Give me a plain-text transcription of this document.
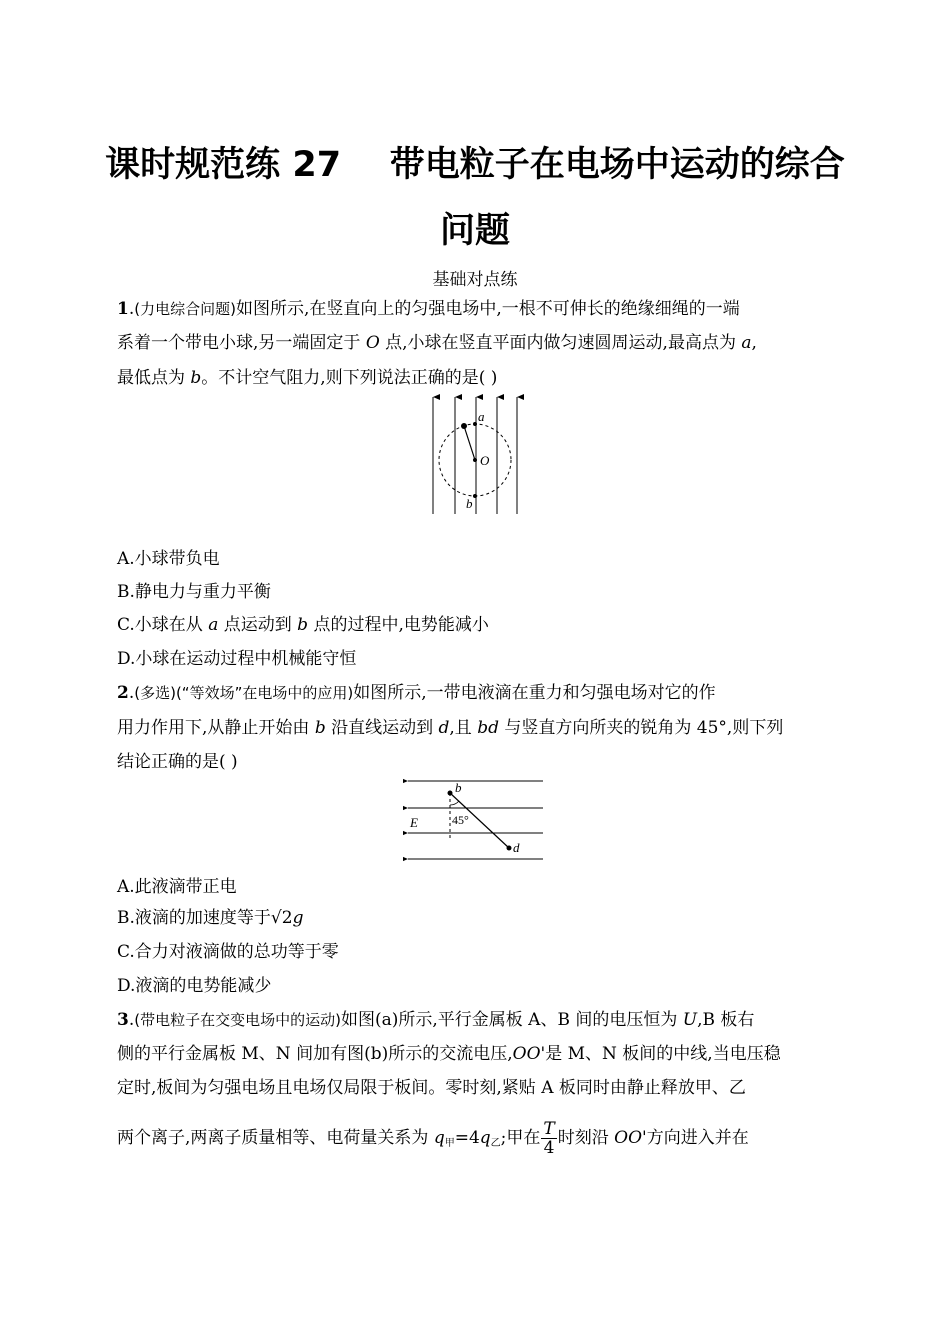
课时规范练 27    带电粒子在电场中运动的综合
问题
基础对点练
1.(力电综合问题)如图所示,在竖直向上的匀强电场中,一根不可伸长的绝缘细绳的一端
系着一个带电小球,另一端固定于 O 点,小球在竖直平面内做匀速圆周运动,最高点为 a,
最低点为 b。不计空气阻力,则下列说法正确的是( )
a
O
b
A.小球带负电
B.静电力与重力平衡
C.小球在从 a 点运动到 b 点的过程中,电势能减小
D.小球在运动过程中机械能守恒
2.(多选)(“等效场”在电场中的应用)如图所示,一带电液滴在重力和匀强电场对它的作
用力作用下,从静止开始由 b 沿直线运动到 d,且 bd 与竖直方向所夹的锐角为 45°,则下列
结论正确的是( )
b
d
E	45°
A.此液滴带正电
B.液滴的加速度等于√2g
C.合力对液滴做的总功等于零
D.液滴的电势能减少
3.(带电粒子在交变电场中的运动)如图(a)所示,平行金属板 A、B 间的电压恒为 U,B 板右
侧的平行金属板 M、N 间加有图(b)所示的交流电压,OO'是 M、N 板间的中线,当电压稳
定时,板间为匀强电场且电场仅局限于板间。零时刻,紧贴 A 板同时由静止释放甲、乙
两个离子,两离子质量相等、电荷量关系为 $q_甲=4q_乙$;甲在 $\frac{T}{4}$ 时刻沿 OO'方向进入并在
